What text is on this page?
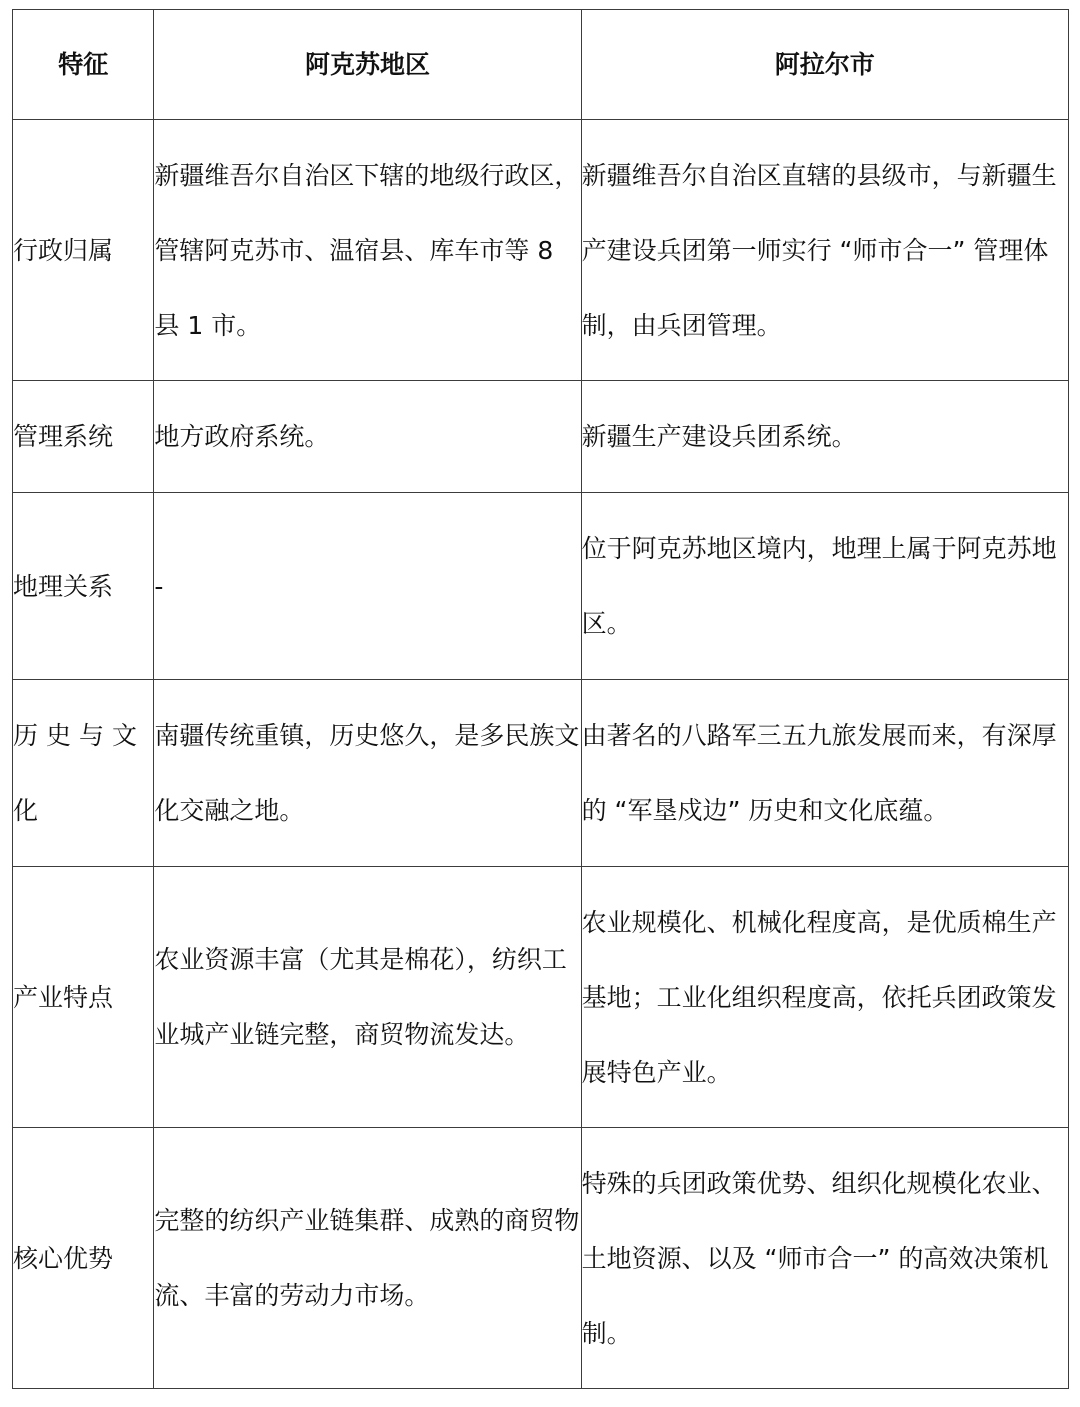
特征	阿克苏地区	阿拉尔市
行政归属	新疆维吾尔自治区下辖的地级行政区，管辖阿克苏市、温宿县、库车市等 8 县 1 市。	新疆维吾尔自治区直辖的县级市，与新疆生产建设兵团第一师实行 “师市合一” 管理体制，由兵团管理。
管理系统	地方政府系统。	新疆生产建设兵团系统。
地理关系	-	位于阿克苏地区境内，地理上属于阿克苏地区。
历史与文化	南疆传统重镇，历史悠久，是多民族文化交融之地。	由著名的八路军三五九旅发展而来，有深厚的 “军垦戍边” 历史和文化底蕴。
产业特点	农业资源丰富（尤其是棉花），纺织工业城产业链完整，商贸物流发达。	农业规模化、机械化程度高，是优质棉生产基地；工业化组织程度高，依托兵团政策发展特色产业。
核心优势	完整的纺织产业链集群、成熟的商贸物流、丰富的劳动力市场。	特殊的兵团政策优势、组织化规模化农业、土地资源、以及 “师市合一” 的高效决策机制。
